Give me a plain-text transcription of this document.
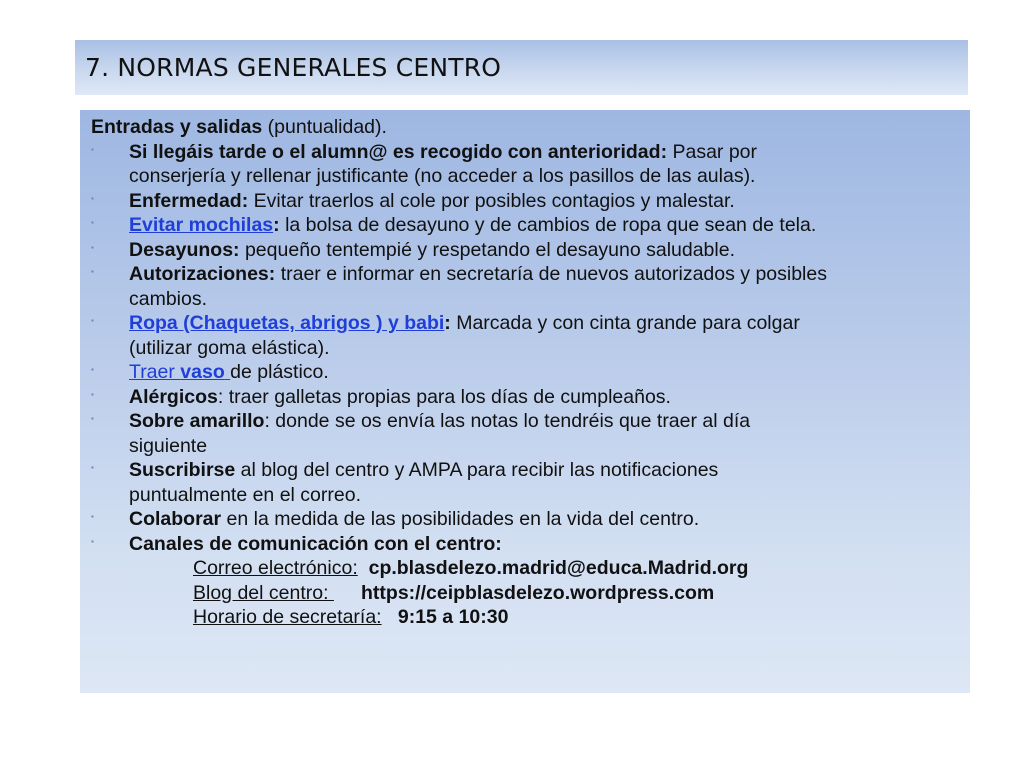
7. NORMAS GENERALES CENTRO
Entradas y salidas (puntualidad).
▪ Si llegáis tarde o el alumn@ es recogido con anterioridad: Pasar por
conserjería y rellenar justificante (no acceder a los pasillos de las aulas).
▪ Enfermedad: Evitar traerlos al cole por posibles contagios y malestar.
▪ Evitar mochilas: la bolsa de desayuno y de cambios de ropa que sean de tela.
▪ Desayunos: pequeño tentempié y respetando el desayuno saludable.
▪ Autorizaciones: traer e informar en secretaría de nuevos autorizados y posibles
cambios.
▪ Ropa (Chaquetas, abrigos ) y babi: Marcada y con cinta grande para colgar
(utilizar goma elástica).
▪ Traer vaso de plástico.
▪ Alérgicos: traer galletas propias para los días de cumpleaños.
▪ Sobre amarillo: donde se os envía las notas lo tendréis que traer al día
siguiente
▪ Suscribirse al blog del centro y AMPA para recibir las notificaciones
puntualmente en el correo.
▪ Colaborar en la medida de las posibilidades en la vida del centro.
▪ Canales de comunicación con el centro:
Correo electrónico: cp.blasdelezo.madrid@educa.Madrid.org
Blog del centro:      https://ceipblasdelezo.wordpress.com
Horario de secretaría: 9:15 a 10:30
